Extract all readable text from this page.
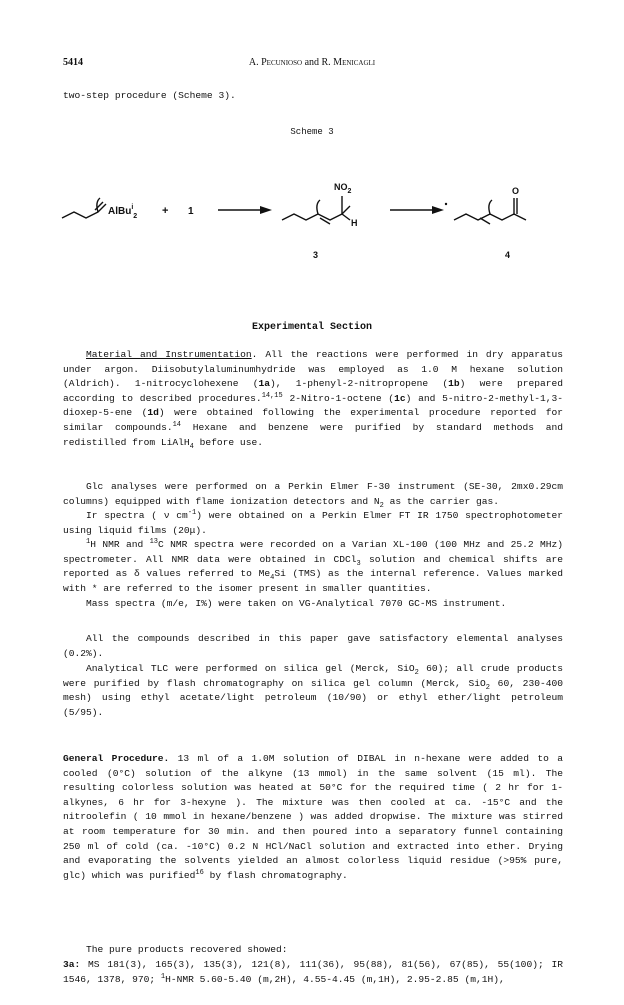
5414	A. Pecunioso and R. Menicagli
two-step procedure (Scheme 3).
Scheme 3
AlBu$^i_2$ + 1
$NO_2$
H
O
3	4
Experimental Section

Material and Instrumentation. All the reactions were performed in dry apparatus under argon. Diisobutylaluminumhydride was employed as 1.0 M hexane solution (Aldrich). 1-nitrocyclohexene (1a), 1-phenyl-2-nitropropene (1b) were prepared according to described procedures.$^{14,15}$ 2-Nitro-1-octene (1c) and 5-nitro-2-methyl-1,3-dioxep-5-ene (1d) were obtained following the experimental procedure reported for similar compounds.$^{14}$ Hexane and benzene were purified by standard methods and redistilled from LiAlH$_4$ before use.

Glc analyses were performed on a Perkin Elmer F-30 instrument (SE-30, 2mx0.29cm columns) equipped with flame ionization detectors and $N_2$ as the carrier gas.

Ir spectra ( ν $cm^{-1}$) were obtained on a Perkin Elmer FT IR 1750 spectrophotometer using liquid films (20μ).

$^1$H NMR and $^{13}$C NMR spectra were recorded on a Varian XL-100 (100 MHz and 25.2 MHz) spectrometer. All NMR data were obtained in CDCl$_3$ solution and chemical shifts are reported as δ values referred to $Me_4Si$ (TMS) as the internal reference. Values marked with * are referred to the isomer present in smaller quantities.

Mass spectra (m/e, I%) were taken on VG-Analytical 7070 GC-MS instrument.

All the compounds described in this paper gave satisfactory elemental analyses (0.2%).

Analytical TLC were performed on silica gel (Merck, SiO$_2$ 60); all crude products were purified by flash chromatography on silica gel column (Merck, SiO$_2$ 60, 230-400 mesh) using ethyl acetate/light petroleum (10/90) or ethyl ether/light petroleum (5/95).

General Procedure. 13 ml of a 1.0M solution of DIBAL in n-hexane were added to a cooled (0°C) solution of the alkyne (13 mmol) in the same solvent (15 ml). The resulting colorless solution was heated at 50°C for the required time ( 2 hr for 1-alkynes, 6 hr for 3-hexyne ). The mixture was then cooled at ca. -15°C and the nitroolefin ( 10 mmol in hexane/benzene ) was added dropwise. The mixture was stirred at room temperature for 30 min. and then poured into a separatory funnel containing 250 ml of cold (ca. -10°C) 0.2 N HCl/NaCl solution and extracted into ether. Drying and evaporating the solvents yielded an almost colorless liquid residue (>95% pure, glc) which was purified$^{16}$ by flash chromatography.

The pure products recovered showed:

3a: MS 181(3), 165(3), 135(3), 121(8), 111(36), 95(88), 81(56), 67(85), 55(100); IR 1546, 1378, 970; $^1$H-NMR 5.60-5.40 (m,2H), 4.55-4.45 (m,1H), 2.95-2.85 (m,1H),
